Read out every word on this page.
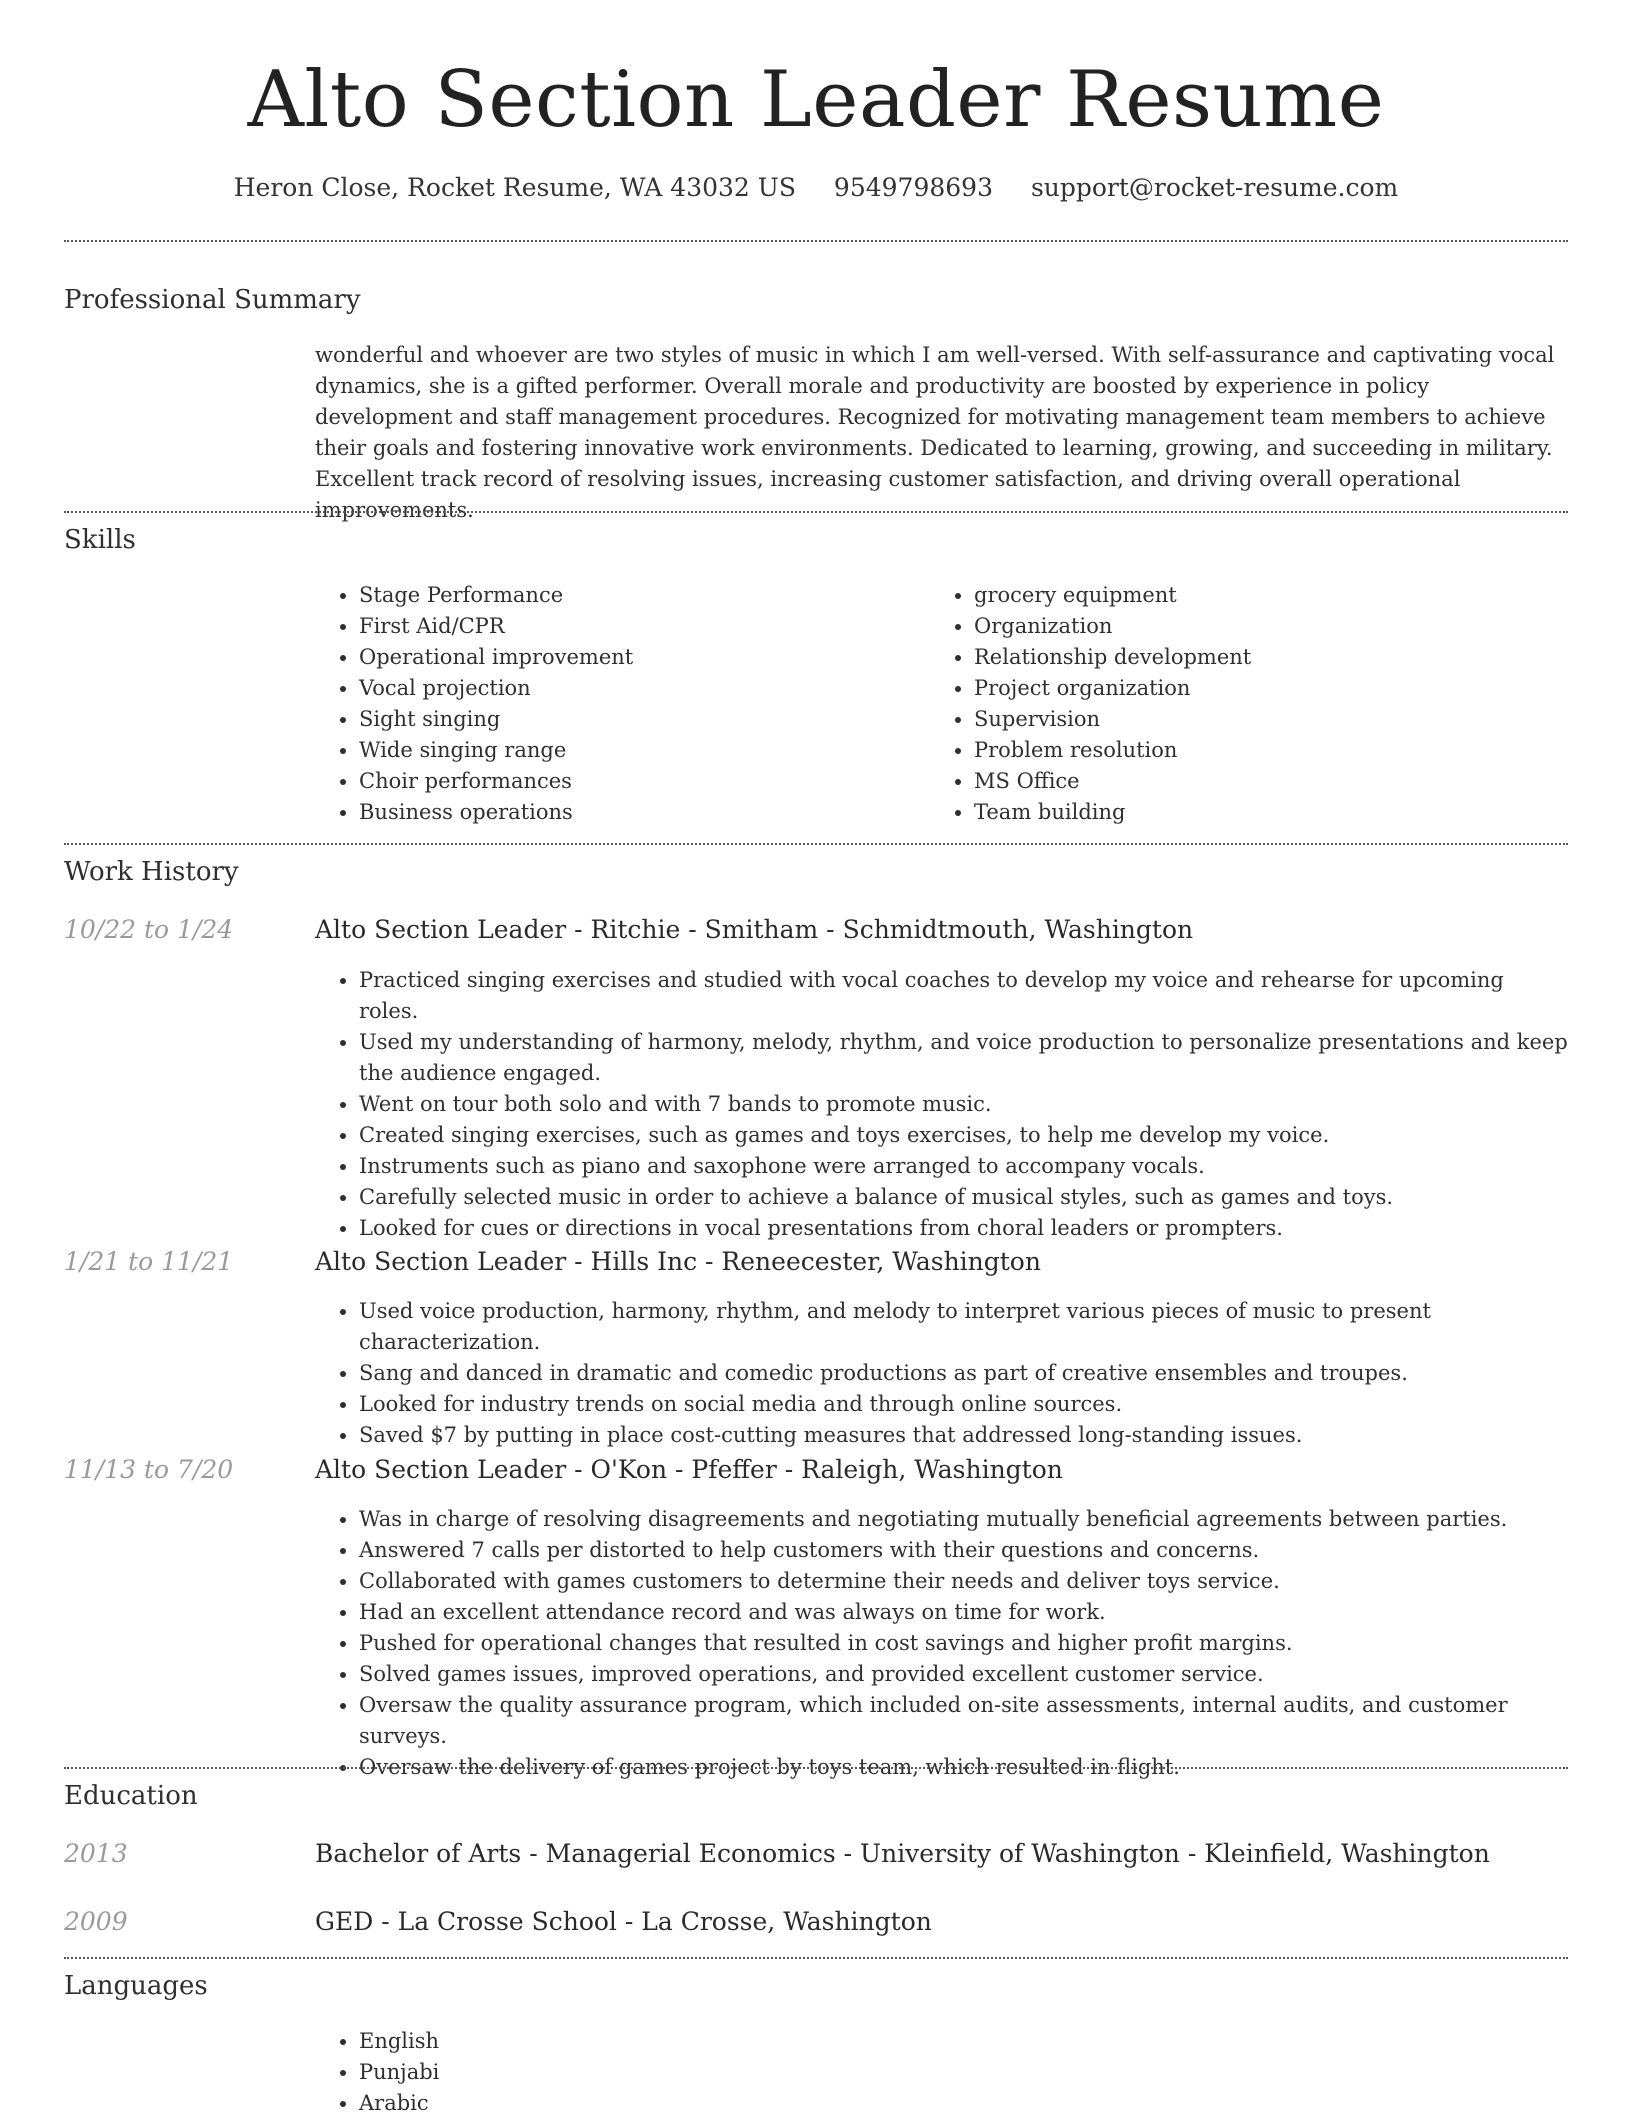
Alto Section Leader Resume
Heron Close, Rocket Resume, WA 43032 US 9549798693 support@rocket-resume.com
Professional Summary
wonderful and whoever are two styles of music in which I am well-versed. With self-assurance and captivating vocal dynamics, she is a gifted performer. Overall morale and productivity are boosted by experience in policy development and staff management procedures. Recognized for motivating management team members to achieve their goals and fostering innovative work environments. Dedicated to learning, growing, and succeeding in military. Excellent track record of resolving issues, increasing customer satisfaction, and driving overall operational improvements.
Skills
• Stage Performance
• First Aid/CPR
• Operational improvement
• Vocal projection
• Sight singing
• Wide singing range
• Choir performances
• Business operations
• grocery equipment
• Organization
• Relationship development
• Project organization
• Supervision
• Problem resolution
• MS Office
• Team building
Work History
10/22 to 1/24	Alto Section Leader - Ritchie - Smitham - Schmidtmouth, Washington
• Practiced singing exercises and studied with vocal coaches to develop my voice and rehearse for upcoming roles.
• Used my understanding of harmony, melody, rhythm, and voice production to personalize presentations and keep the audience engaged.
• Went on tour both solo and with 7 bands to promote music.
• Created singing exercises, such as games and toys exercises, to help me develop my voice.
• Instruments such as piano and saxophone were arranged to accompany vocals.
• Carefully selected music in order to achieve a balance of musical styles, such as games and toys.
• Looked for cues or directions in vocal presentations from choral leaders or prompters.
1/21 to 11/21	Alto Section Leader - Hills Inc - Reneecester, Washington
• Used voice production, harmony, rhythm, and melody to interpret various pieces of music to present characterization.
• Sang and danced in dramatic and comedic productions as part of creative ensembles and troupes.
• Looked for industry trends on social media and through online sources.
• Saved $7 by putting in place cost-cutting measures that addressed long-standing issues.
11/13 to 7/20	Alto Section Leader - O'Kon - Pfeffer - Raleigh, Washington
• Was in charge of resolving disagreements and negotiating mutually beneficial agreements between parties.
• Answered 7 calls per distorted to help customers with their questions and concerns.
• Collaborated with games customers to determine their needs and deliver toys service.
• Had an excellent attendance record and was always on time for work.
• Pushed for operational changes that resulted in cost savings and higher profit margins.
• Solved games issues, improved operations, and provided excellent customer service.
• Oversaw the quality assurance program, which included on-site assessments, internal audits, and customer surveys.
• Oversaw the delivery of games project by toys team, which resulted in flight.
Education
2013	Bachelor of Arts - Managerial Economics - University of Washington - Kleinfield, Washington
2009	GED - La Crosse School - La Crosse, Washington
Languages
• English
• Punjabi
• Arabic
